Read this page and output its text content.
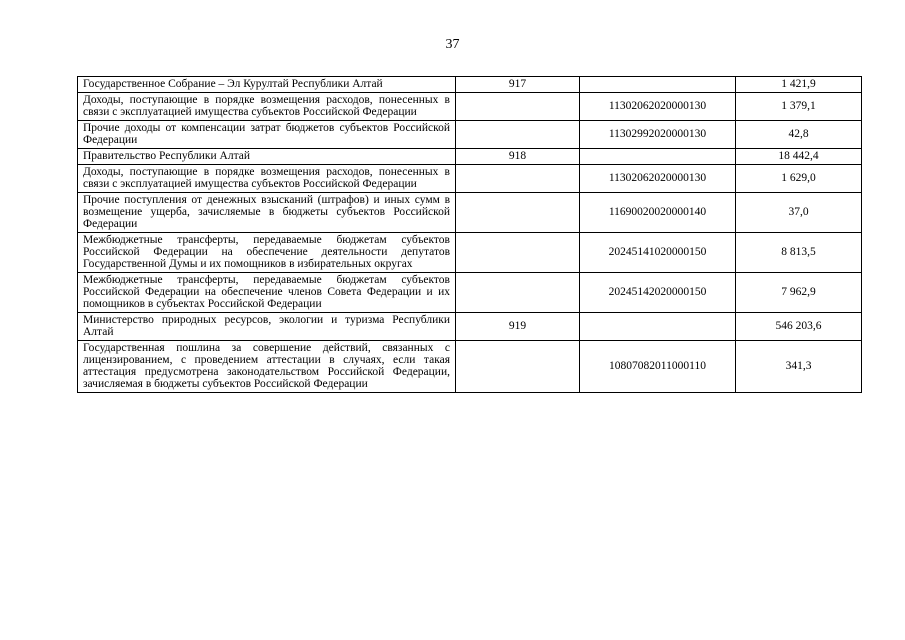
37
Государственное Собрание – Эл Курултай Республики Алтай	917		1 421,9
Доходы, поступающие в порядке возмещения расходов, понесенных в связи с эксплуатацией имущества субъектов Российской Федерации		11302062020000130	1 379,1
Прочие доходы от компенсации затрат бюджетов субъектов Российской Федерации		11302992020000130	42,8
Правительство Республики Алтай	918		18 442,4
Доходы, поступающие в порядке возмещения расходов, понесенных в связи с эксплуатацией имущества субъектов Российской Федерации		11302062020000130	1 629,0
Прочие поступления от денежных взысканий (штрафов) и иных сумм в возмещение ущерба, зачисляемые в бюджеты субъектов Российской Федерации		11690020020000140	37,0
Межбюджетные трансферты, передаваемые бюджетам субъектов Российской Федерации на обеспечение деятельности депутатов Государственной Думы и их помощников в избирательных округах		20245141020000150	8 813,5
Межбюджетные трансферты, передаваемые бюджетам субъектов Российской Федерации на обеспечение членов Совета Федерации и их помощников в субъектах Российской Федерации		20245142020000150	7 962,9
Министерство природных ресурсов, экологии и туризма Республики Алтай	919		546 203,6
Государственная пошлина за совершение действий, связанных с лицензированием, с проведением аттестации в случаях, если такая аттестация предусмотрена законодательством Российской Федерации, зачисляемая в бюджеты субъектов Российской Федерации		10807082011000110	341,3
